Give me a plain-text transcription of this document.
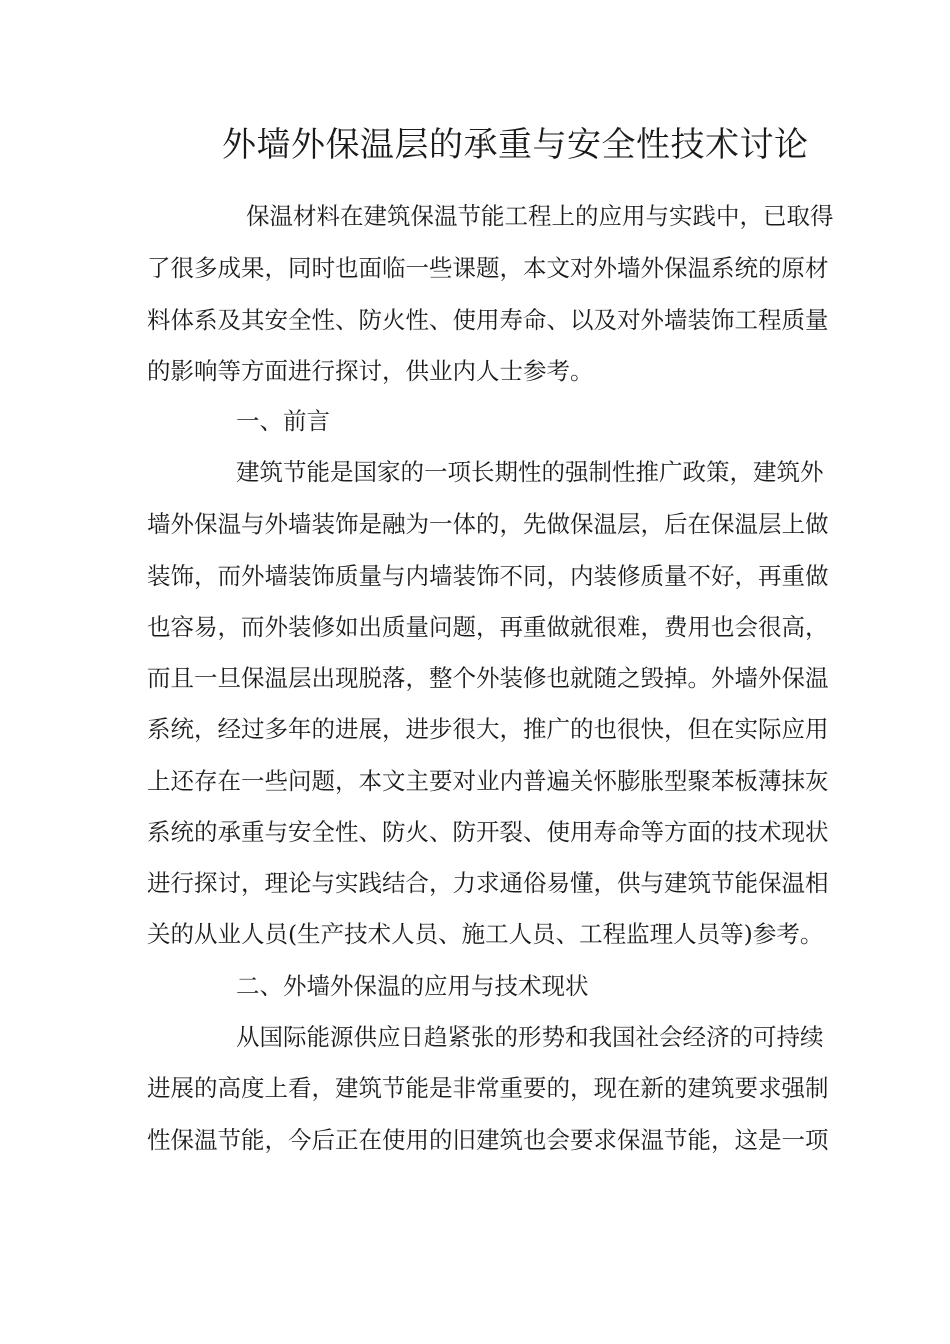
外墙外保温层的承重与安全性技术讨论
保温材料在建筑保温节能工程上的应用与实践中，已取得
了很多成果，同时也面临一些课题，本文对外墙外保温系统的原材
料体系及其安全性、防火性、使用寿命、以及对外墙装饰工程质量
的影响等方面进行探讨，供业内人士参考。
一、前言
建筑节能是国家的一项长期性的强制性推广政策，建筑外
墙外保温与外墙装饰是融为一体的，先做保温层，后在保温层上做
装饰，而外墙装饰质量与内墙装饰不同，内装修质量不好，再重做
也容易，而外装修如出质量问题，再重做就很难，费用也会很高，
而且一旦保温层出现脱落，整个外装修也就随之毁掉。外墙外保温
系统，经过多年的进展，进步很大，推广的也很快，但在实际应用
上还存在一些问题，本文主要对业内普遍关怀膨胀型聚苯板薄抹灰
系统的承重与安全性、防火、防开裂、使用寿命等方面的技术现状
进行探讨，理论与实践结合，力求通俗易懂，供与建筑节能保温相
关的从业人员(生产技术人员、施工人员、工程监理人员等)参考。
二、外墙外保温的应用与技术现状
从国际能源供应日趋紧张的形势和我国社会经济的可持续
进展的高度上看，建筑节能是非常重要的，现在新的建筑要求强制
性保温节能，今后正在使用的旧建筑也会要求保温节能，这是一项
